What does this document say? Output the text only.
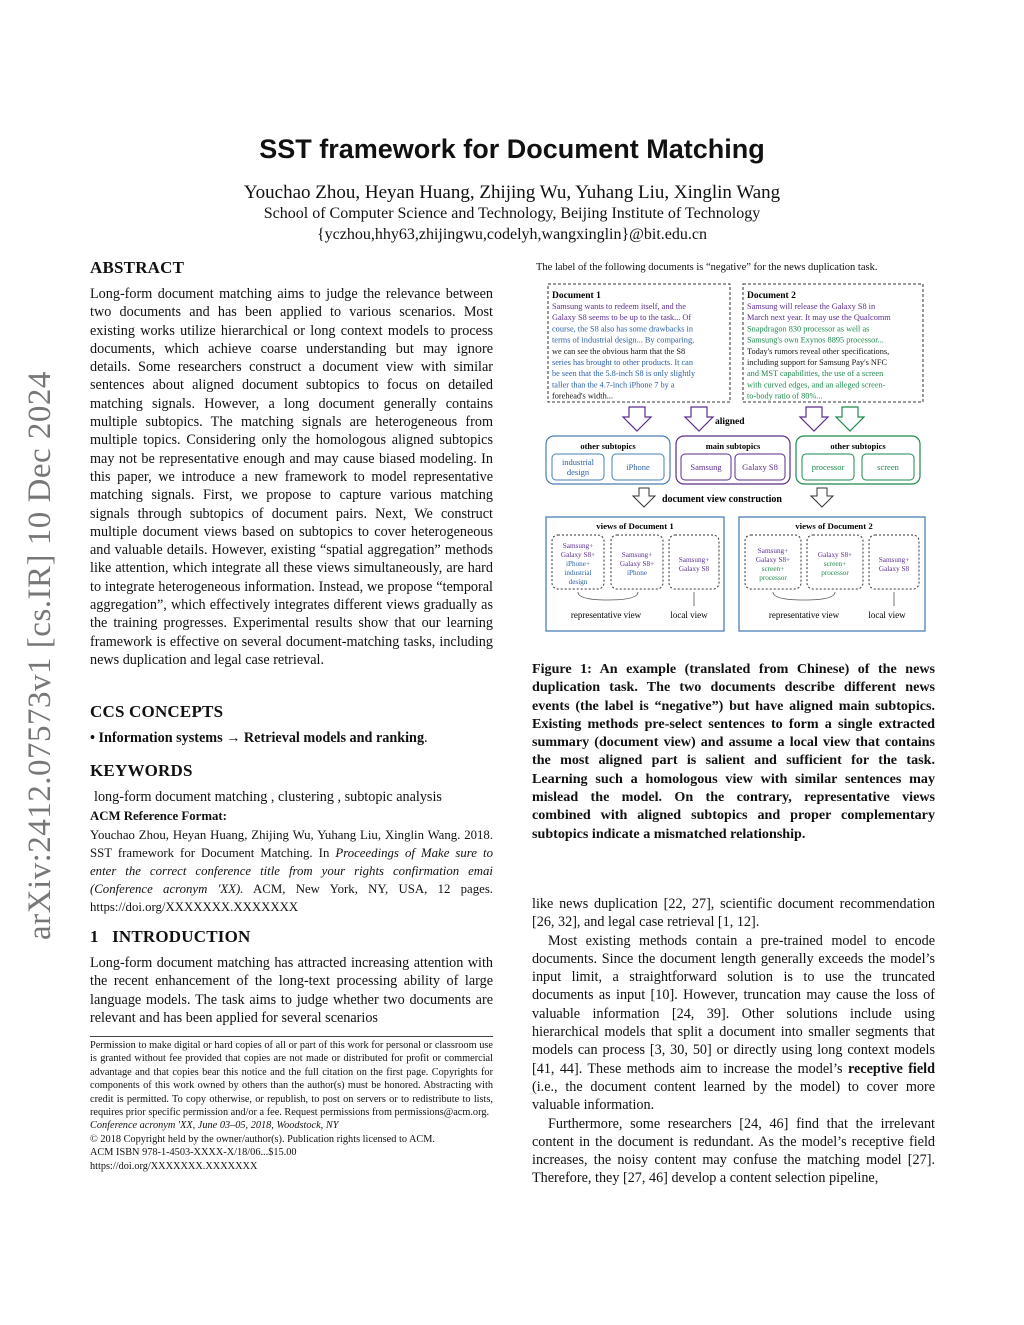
arXiv:2412.07573v1 [cs.IR] 10 Dec 2024
SST framework for Document Matching
Youchao Zhou, Heyan Huang, Zhijing Wu, Yuhang Liu, Xinglin Wang
School of Computer Science and Technology, Beijing Institute of Technology
{yczhou,hhy63,zhijingwu,codelyh,wangxinglin}@bit.edu.cn
ABSTRACT

Long-form document matching aims to judge the relevance between two documents and has been applied to various scenarios. Most existing works utilize hierarchical or long context models to process documents, which achieve coarse understanding but may ignore details. Some researchers construct a document view with similar sentences about aligned document subtopics to focus on detailed matching signals. However, a long document generally contains multiple subtopics. The matching signals are heterogeneous from multiple topics. Considering only the homologous aligned subtopics may not be representative enough and may cause biased modeling. In this paper, we introduce a new framework to model representative matching signals. First, we propose to capture various matching signals through subtopics of document pairs. Next, We construct multiple document views based on subtopics to cover heterogeneous and valuable details. However, existing “spatial aggregation” methods like attention, which integrate all these views simultaneously, are hard to integrate heterogeneous information. Instead, we propose “temporal aggregation”, which effectively integrates different views gradually as the training progresses. Experimental results show that our learning framework is effective on several document-matching tasks, including news duplication and legal case retrieval.

CCS CONCEPTS

• Information systems → Retrieval models and ranking.

KEYWORDS

long-form document matching , clustering , subtopic analysis

ACM Reference Format:

Youchao Zhou, Heyan Huang, Zhijing Wu, Yuhang Liu, Xinglin Wang. 2018. SST framework for Document Matching. In Proceedings of Make sure to enter the correct conference title from your rights confirmation emai (Conference acronym 'XX). ACM, New York, NY, USA, 12 pages. https://doi.org/XXXXXXX.XXXXXXX

1 INTRODUCTION

Long-form document matching has attracted increasing attention with the recent enhancement of the long-text processing ability of large language models. The task aims to judge whether two documents are relevant and has been applied for several scenarios

Permission to make digital or hard copies of all or part of this work for personal or classroom use is granted without fee provided that copies are not made or distributed for profit or commercial advantage and that copies bear this notice and the full citation on the first page. Copyrights for components of this work owned by others than the author(s) must be honored. Abstracting with credit is permitted. To copy otherwise, or republish, to post on servers or to redistribute to lists, requires prior specific permission and/or a fee. Request permissions from permissions@acm.org.

Conference acronym 'XX, June 03–05, 2018, Woodstock, NY

© 2018 Copyright held by the owner/author(s). Publication rights licensed to ACM.

ACM ISBN 978-1-4503-XXXX-X/18/06...$15.00

https://doi.org/XXXXXXX.XXXXXXX

The label of the following documents is “negative” for the news duplication task.
Document 1
Samsung wants to redeem itself, and the
Galaxy S8 seems to be up to the task... Of
course, the S8 also has some drawbacks in
terms of industrial design... By comparing,
we can see the obvious harm that the S8
series has brought to other products. It can
be seen that the 5.8-inch S8 is only slightly
taller than the 4.7-inch iPhone 7 by a
forehead's width...
Document 2
Samsung will release the Galaxy S8 in
March next year. It may use the Qualcomm
Snapdragon 830 processor as well as
Samsung's own Exynos 8895 processor...
Today's rumors reveal other specifications,
including support for Samsung Pay's NFC
and MST capabilities, the use of a screen
with curved edges, and an alleged screen-
to-body ratio of 80%...
aligned
other subtopics
industrial
design	iPhone
main subtopics
Samsung Galaxy S8
other subtopics
processor	screen
document view construction
views of Document 1
Samsung+
Galaxy S8+
iPhone+
industrial
design
Samsung+
Galaxy S8+
iPhone
Samsung+
Galaxy S8
representative view	local view
views of Document 2
Samsung+
Galaxy S8+
screen+
processor
Galaxy S8+
screen+
processor
Samsung+
Galaxy S8
representative view	local view

Figure 1: An example (translated from Chinese) of the news duplication task. The two documents describe different news events (the label is “negative”) but have aligned main subtopics. Existing methods pre-select sentences to form a single extracted summary (document view) and assume a local view that contains the most aligned part is salient and sufficient for the task. Learning such a homologous view with similar sentences may mislead the model. On the contrary, representative views combined with aligned subtopics and proper complementary subtopics indicate a mismatched relationship.

like news duplication [22, 27], scientific document recommendation [26, 32], and legal case retrieval [1, 12].

Most existing methods contain a pre-trained model to encode documents. Since the document length generally exceeds the model’s input limit, a straightforward solution is to use the truncated documents as input [10]. However, truncation may cause the loss of valuable information [24, 39]. Other solutions include using hierarchical models that split a document into smaller segments that models can process [3, 30, 50] or directly using long context models [41, 44]. These methods aim to increase the model’s receptive field (i.e., the document content learned by the model) to cover more valuable information.

Furthermore, some researchers [24, 46] find that the irrelevant content in the document is redundant. As the model’s receptive field increases, the noisy content may confuse the matching model [27]. Therefore, they [27, 46] develop a content selection pipeline,
